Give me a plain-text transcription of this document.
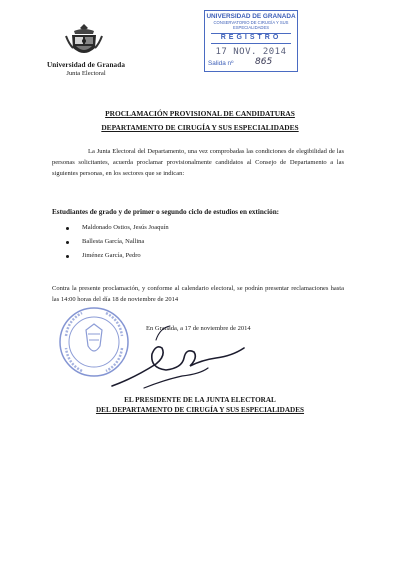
Universidad de Granada
Junta Electoral
UNIVERSIDAD DE GRANADA
CONSERVATORIO DE CIRUGÍA Y SUS
ESPECIALIDADES
REGISTRO
17 NOV. 2014
Salida nº 865
PROCLAMACIÓN PROVISIONAL DE CANDIDATURAS
DEPARTAMENTO DE CIRUGÍA Y SUS ESPECIALIDADES

La Junta Electoral del Departamento, una vez comprobadas las condiciones de elegibilidad de las personas solicitantes, acuerda proclamar provisionalmente candidatos al Consejo de Departamento a las siguientes personas, en los sectores que se indican:

Estudiantes de grado y de primer o segundo ciclo de estudios en extinción:
Maldonado Ostios, Jesús Joaquín
Ballesta García, Nallina
Jiménez García, Pedro

Contra la presente proclamación, y conforme al calendario electoral, se podrán presentar reclamaciones hasta las 14:00 horas del día 18 de noviembre de 2014

En Granada, a 17 de noviembre de 2014
EL PRESIDENTE DE LA JUNTA ELECTORAL
DEL DEPARTAMENTO DE CIRUGÍA Y SUS ESPECIALIDADES
